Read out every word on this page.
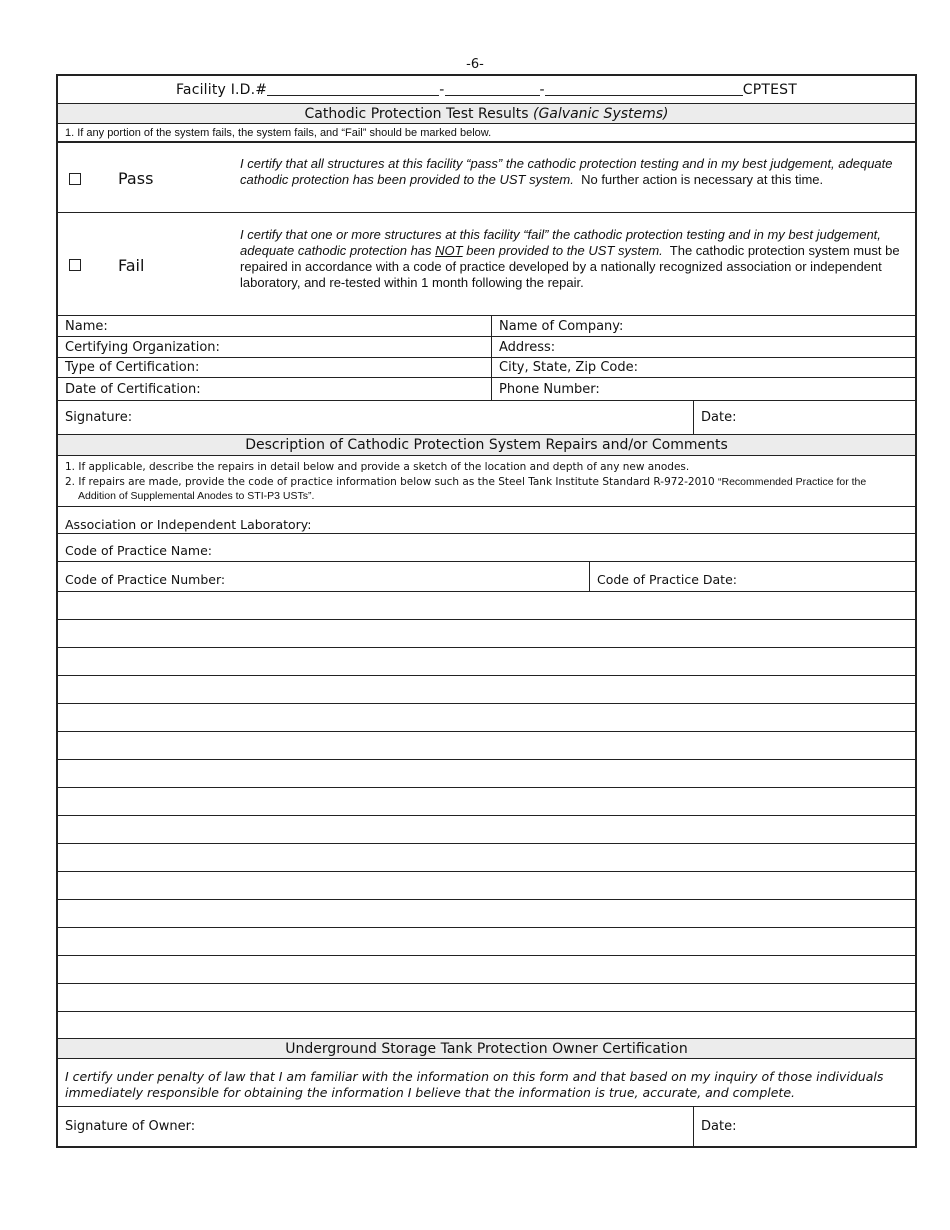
-6-
Facility I.D.#	-	-	CPTEST
Cathodic Protection Test Results
(Galvanic Systems)
1. If any portion of the system fails, the system fails, and “Fail” should be marked below.
Pass
I certify that all structures at this facility “pass” the cathodic protection testing and in my best judgement, adequate cathodic protection has been provided to the UST system. No further action is necessary at this time.
Fail
I certify that one or more structures at this facility “fail” the cathodic protection testing and in my best judgement, adequate cathodic protection has NOT been provided to the UST system. The cathodic protection system must be repaired in accordance with a code of practice developed by a nationally recognized association or independent laboratory, and re-tested within 1 month following the repair.
Name:	Name of Company:
Certifying Organization:	Address:
Type of Certification:	City, State, Zip Code:
Date of Certification:	Phone Number:
Signature:	Date:
Description of Cathodic Protection System Repairs and/or Comments
1. If applicable, describe the repairs in detail below and provide a sketch of the location and depth of any new anodes.
2. If repairs are made, provide the code of practice information below such as the Steel Tank Institute Standard R-972-2010 “Recommended Practice for the Addition of Supplemental Anodes to STI-P3 USTs”.
Association or Independent Laboratory:
Code of Practice Name:
Code of Practice Number:	Code of Practice Date:
Underground Storage Tank Protection Owner Certification
I certify under penalty of law that I am familiar with the information on this form and that based on my inquiry of those individuals immediately responsible for obtaining the information I believe that the information is true, accurate, and complete.
Signature of Owner:	Date:
